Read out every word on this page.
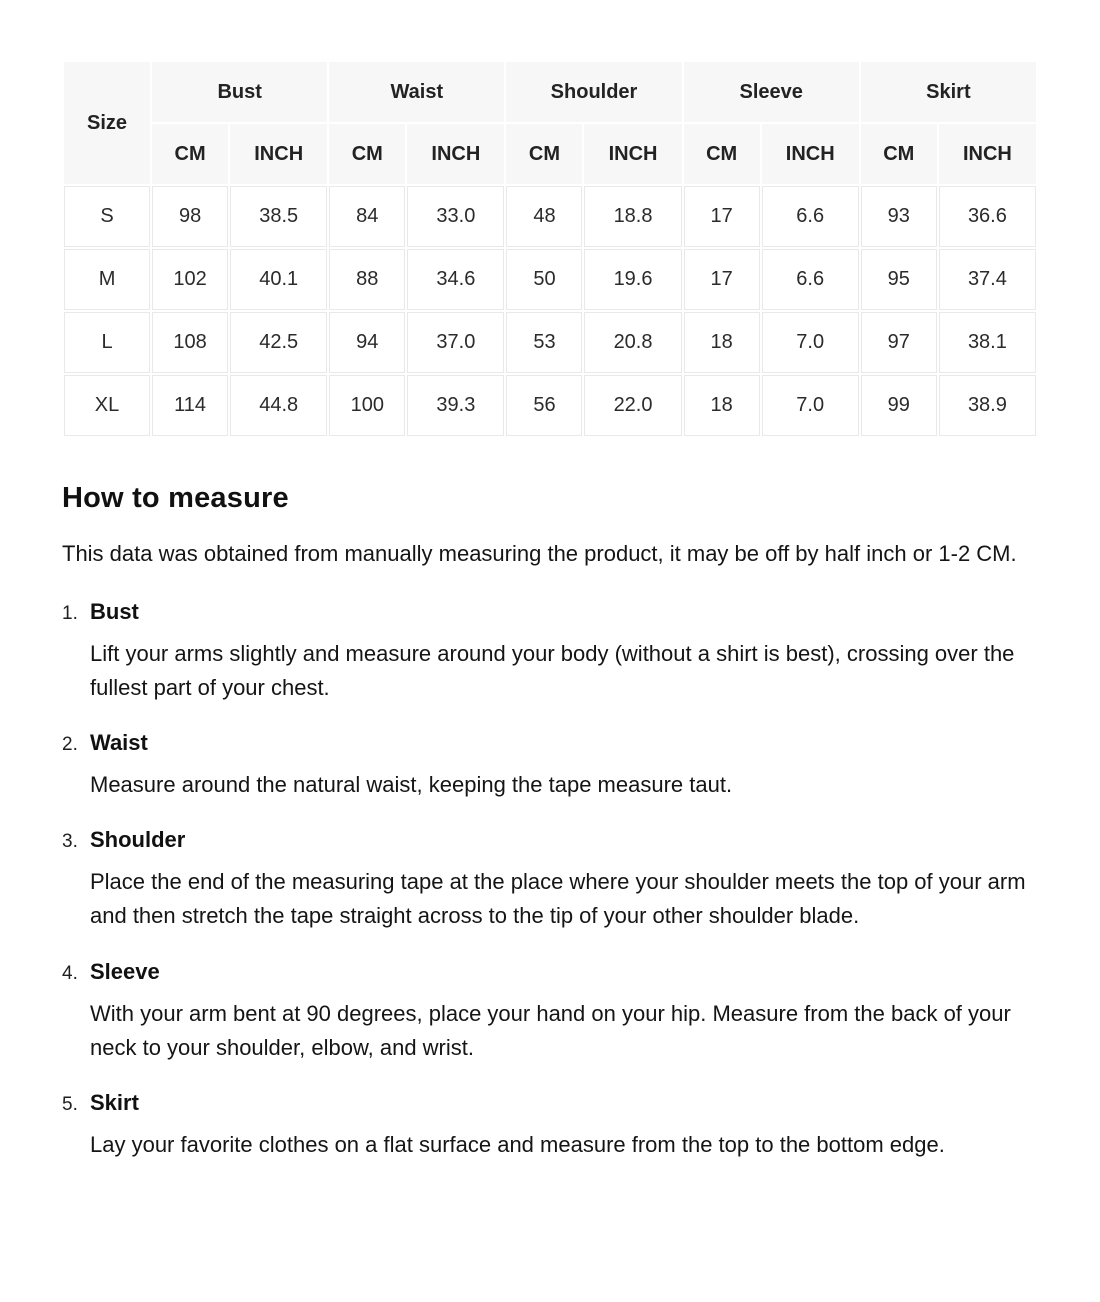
Size	Bust		Waist		Shoulder		Sleeve		Skirt	
	CM	INCH	CM	INCH	CM	INCH	CM	INCH	CM	INCH
S	98	38.5	84	33.0	48	18.8	17	6.6	93	36.6
M	102	40.1	88	34.6	50	19.6	17	6.6	95	37.4
L	108	42.5	94	37.0	53	20.8	18	7.0	97	38.1
XL	114	44.8	100	39.3	56	22.0	18	7.0	99	38.9
How to measure

This data was obtained from manually measuring the product, it may be off by half inch or 1-2 CM.

1. Bust

Lift your arms slightly and measure around your body (without a shirt is best), crossing over the fullest part of your chest.

2. Waist

Measure around the natural waist, keeping the tape measure taut.

3. Shoulder

Place the end of the measuring tape at the place where your shoulder meets the top of your arm and then stretch the tape straight across to the tip of your other shoulder blade.

4. Sleeve

With your arm bent at 90 degrees, place your hand on your hip. Measure from the back of your neck to your shoulder, elbow, and wrist.

5. Skirt

Lay your favorite clothes on a flat surface and measure from the top to the bottom edge.
